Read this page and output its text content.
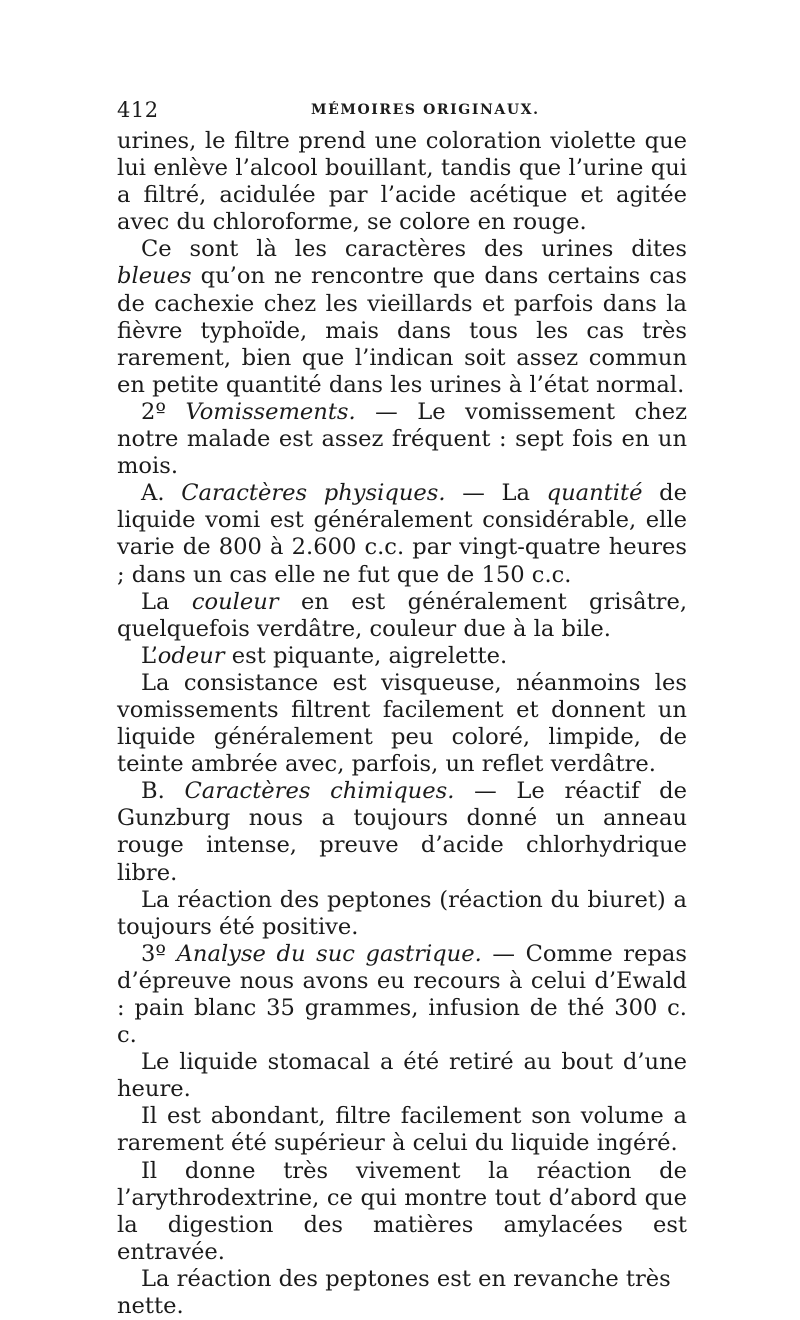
412	MÉMOIRES ORIGINAUX.

urines, le filtre prend une coloration violette que lui enlève l’alcool bouillant, tandis que l’urine qui a filtré, acidulée par l’acide acétique et agitée avec du chloroforme, se colore en rouge.

Ce sont là les caractères des urines dites bleues qu’on ne rencontre que dans certains cas de cachexie chez les vieillards et parfois dans la fièvre typhoïde, mais dans tous les cas très rarement, bien que l’indican soit assez commun en petite quantité dans les urines à l’état normal.

2º Vomissements. — Le vomissement chez notre malade est assez fréquent : sept fois en un mois.

A. Caractères physiques. — La quantité de liquide vomi est généralement considérable, elle varie de 800 à 2.600 c.c. par vingt-quatre heures ; dans un cas elle ne fut que de 150 c.c.

La couleur en est généralement grisâtre, quelquefois verdâtre, couleur due à la bile.

L’odeur est piquante, aigrelette.

La consistance est visqueuse, néanmoins les vomissements filtrent facilement et donnent un liquide généralement peu coloré, limpide, de teinte ambrée avec, parfois, un reflet verdâtre.

B. Caractères chimiques. — Le réactif de Gunzburg nous a toujours donné un anneau rouge intense, preuve d’acide chlorhydrique libre.

La réaction des peptones (réaction du biuret) a toujours été positive.

3º Analyse du suc gastrique. — Comme repas d’épreuve nous avons eu recours à celui d’Ewald : pain blanc 35 grammes, infusion de thé 300 c. c.

Le liquide stomacal a été retiré au bout d’une heure.

Il est abondant, filtre facilement son volume a rarement été supérieur à celui du liquide ingéré.

Il donne très vivement la réaction de l’arythrodextrine, ce qui montre tout d’abord que la digestion des matières amylacées est entravée.

La réaction des peptones est en revanche très nette.
